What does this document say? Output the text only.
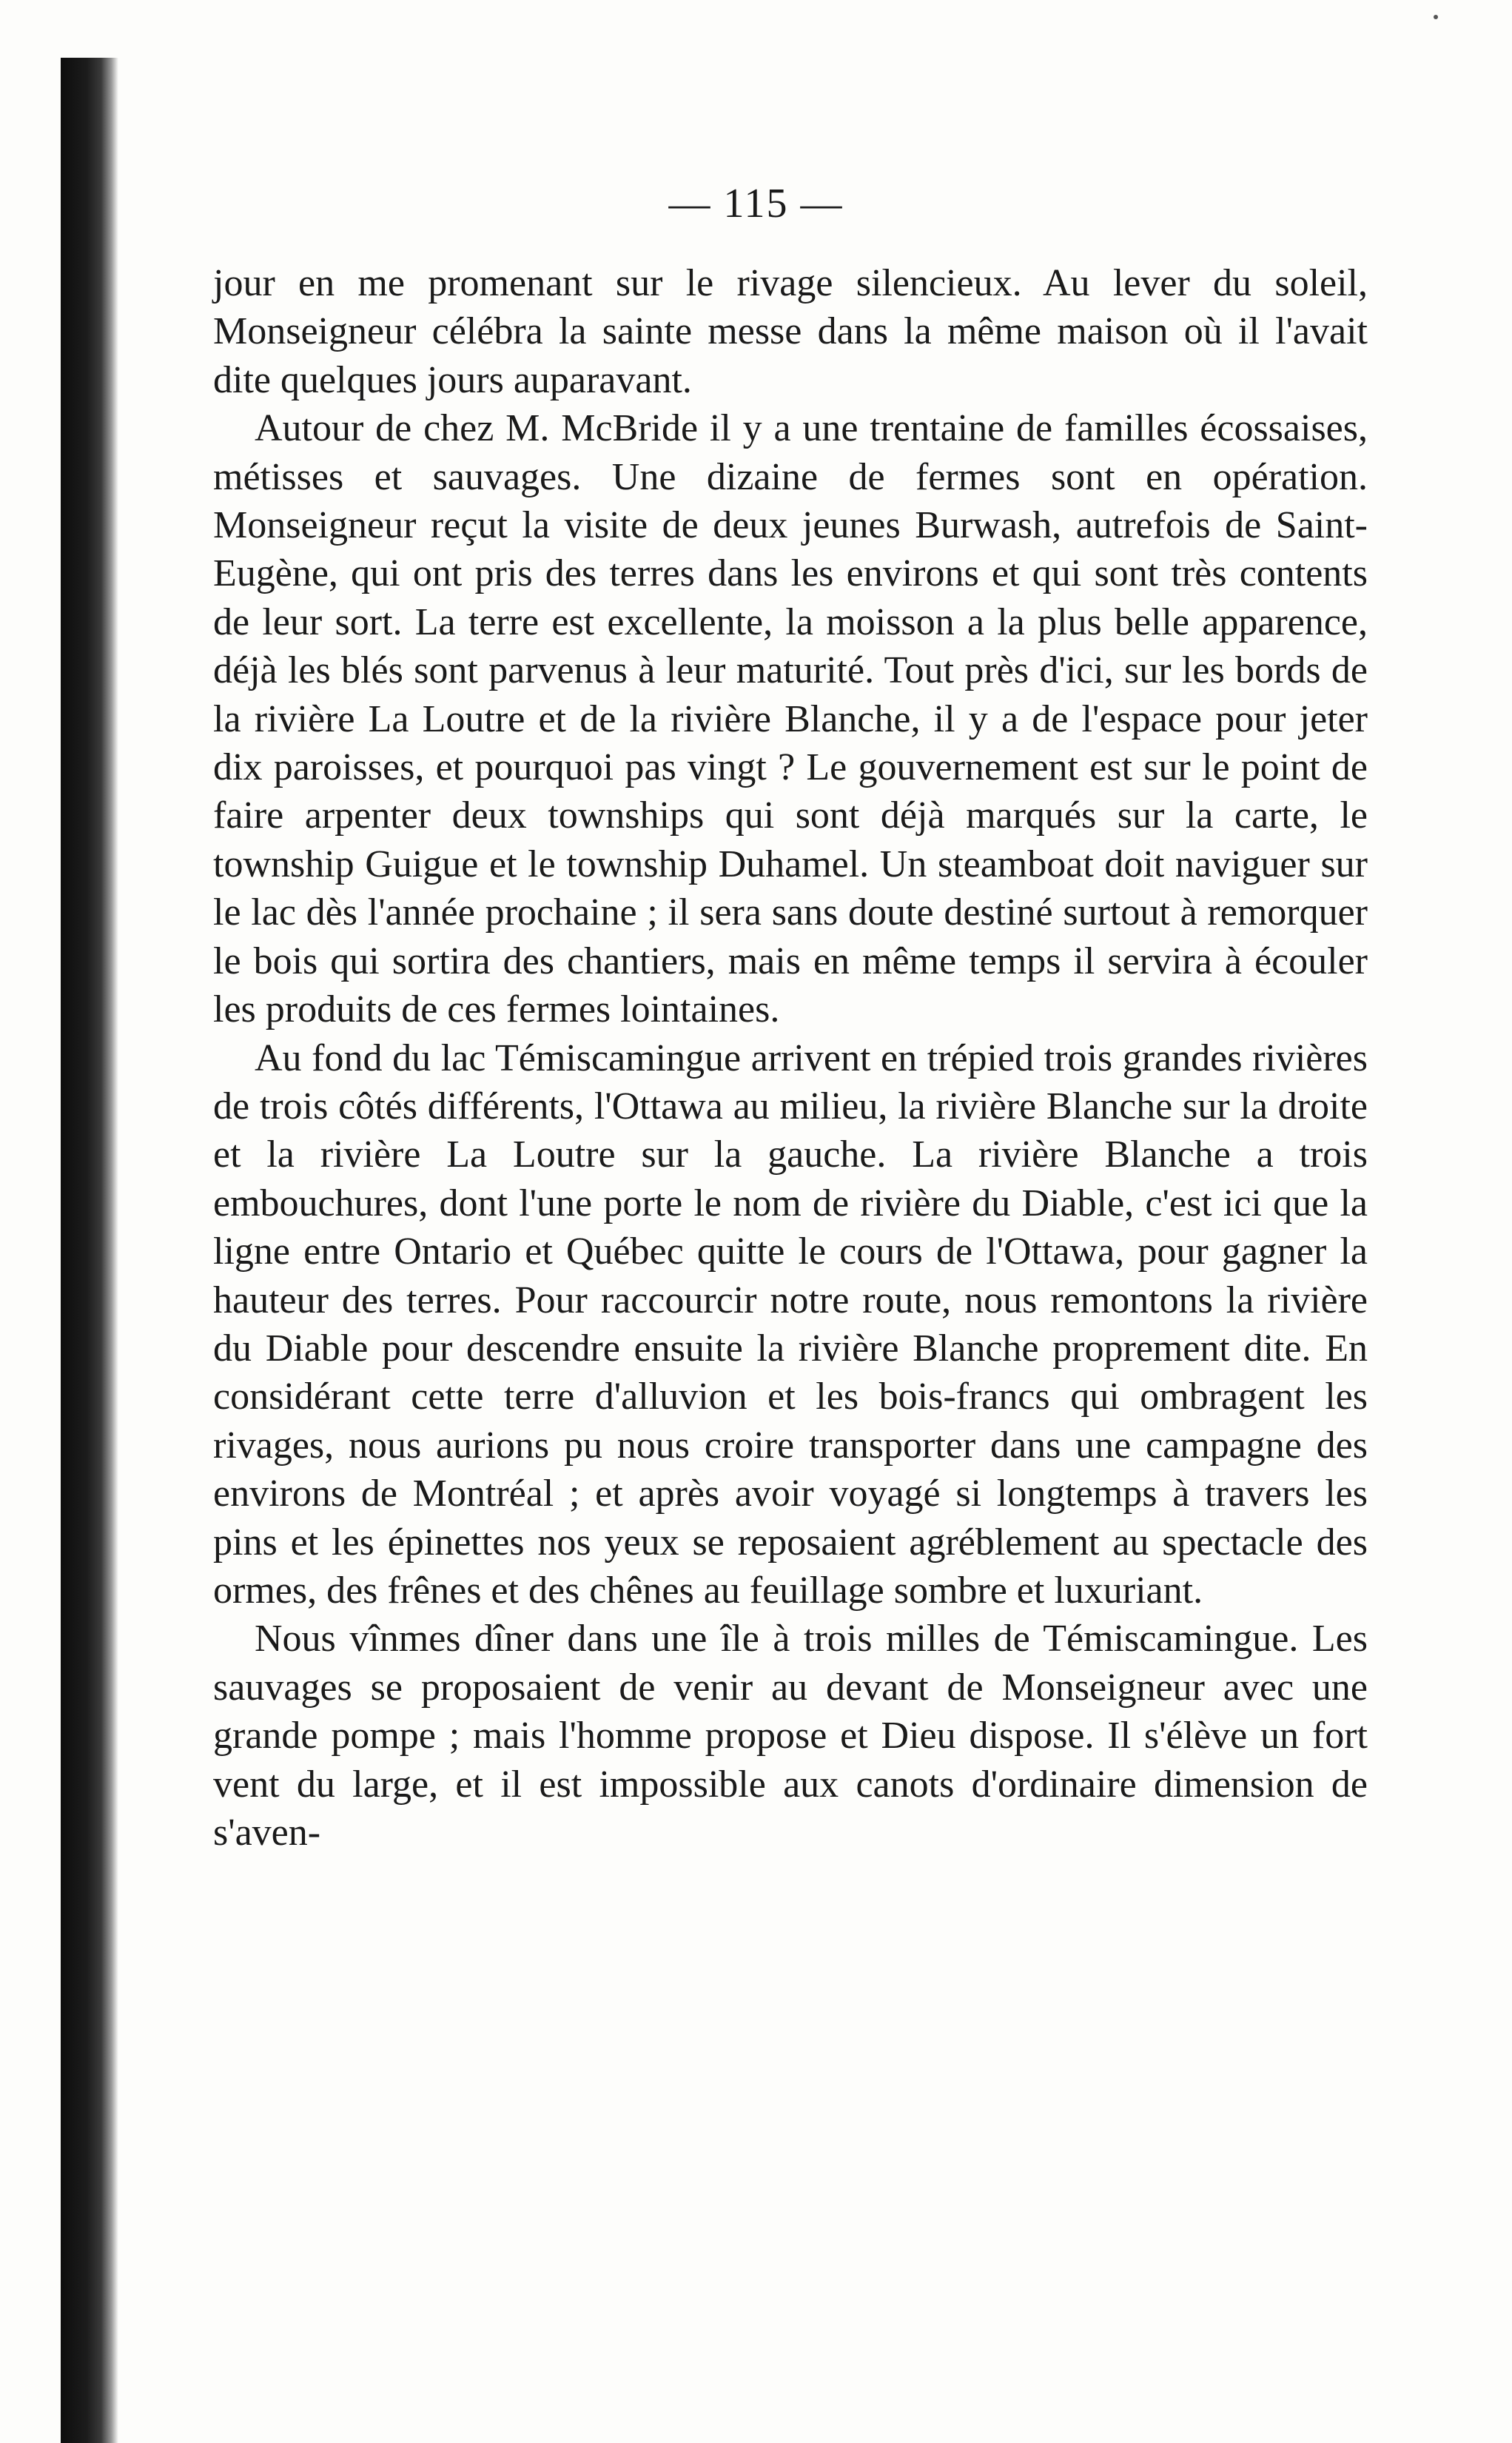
— 115 —

jour en me promenant sur le rivage silencieux. Au lever du soleil, Monseigneur célébra la sainte messe dans la même maison où il l'avait dite quelques jours auparavant.

Autour de chez M. McBride il y a une trentaine de familles écossaises, métisses et sauvages. Une dizaine de fermes sont en opération. Monseigneur reçut la visite de deux jeunes Burwash, autrefois de Saint-Eugène, qui ont pris des terres dans les environs et qui sont très contents de leur sort. La terre est excellente, la moisson a la plus belle apparence, déjà les blés sont parvenus à leur maturité. Tout près d'ici, sur les bords de la rivière La Loutre et de la rivière Blanche, il y a de l'espace pour jeter dix paroisses, et pourquoi pas vingt ? Le gouvernement est sur le point de faire arpenter deux townships qui sont déjà marqués sur la carte, le township Guigue et le township Duhamel. Un steamboat doit naviguer sur le lac dès l'année prochaine ; il sera sans doute destiné surtout à remorquer le bois qui sortira des chantiers, mais en même temps il servira à écouler les produits de ces fermes lointaines.

Au fond du lac Témiscamingue arrivent en trépied trois grandes rivières de trois côtés différents, l'Ottawa au milieu, la rivière Blanche sur la droite et la rivière La Loutre sur la gauche. La rivière Blanche a trois embouchures, dont l'une porte le nom de rivière du Diable, c'est ici que la ligne entre Ontario et Québec quitte le cours de l'Ottawa, pour gagner la hauteur des terres. Pour raccourcir notre route, nous remontons la rivière du Diable pour descendre ensuite la rivière Blanche proprement dite. En considérant cette terre d'alluvion et les bois-francs qui ombragent les rivages, nous aurions pu nous croire transporter dans une campagne des environs de Montréal ; et après avoir voyagé si longtemps à travers les pins et les épinettes nos yeux se reposaient agréblement au spectacle des ormes, des frênes et des chênes au feuillage sombre et luxuriant.

Nous vînmes dîner dans une île à trois milles de Témiscamingue. Les sauvages se proposaient de venir au devant de Monseigneur avec une grande pompe ; mais l'homme propose et Dieu dispose. Il s'élève un fort vent du large, et il est impossible aux canots d'ordinaire dimension de s'aven-
